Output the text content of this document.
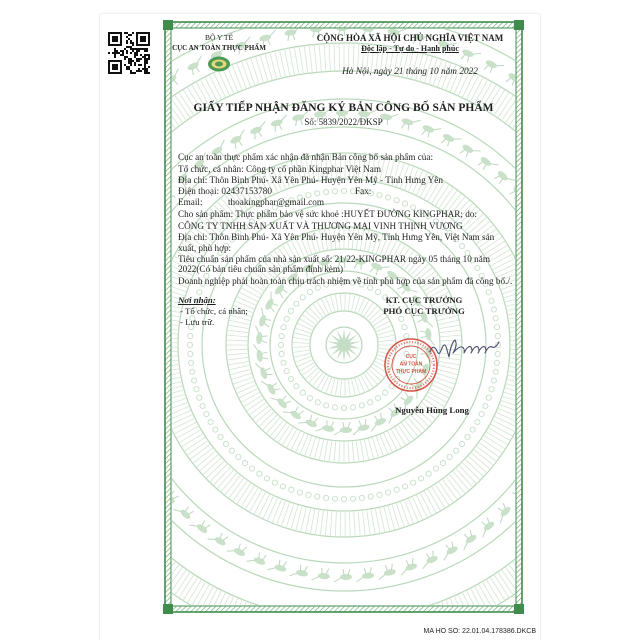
CỤC
AN TOÀN
THỰC PHẨM
BỘ Y TẾ
CỤC AN TOÀN THỰC PHẨM
CỘNG HÒA XÃ HỘI CHỦ NGHĨA VIỆT NAM
Độc lập - Tự do - Hạnh phúc
Hà Nội, ngày 21 tháng 10 năm 2022
GIẤY TIẾP NHẬN ĐĂNG KÝ BẢN CÔNG BỐ SẢN PHẨM
Số: 5839/2022/ĐKSP
Cục an toàn thực phẩm xác nhận đã nhận Bản công bố sản phẩm của:
Tổ chức, cá nhân: Công ty cổ phần Kingphar Việt Nam
Địa chỉ: Thôn Bình Phú- Xã Yên Phú- Huyện Yên Mỹ - Tỉnh Hưng Yên
Điện thoại: 02437153780	Fax:
Email:	thoakingphar@gmail.com
Cho sản phẩm: Thực phẩm bảo vệ sức khoẻ :HUYẾT ĐƯỜNG KINGPHAR; do:
CÔNG TY TNHH SẢN XUẤT VÀ THƯƠNG MẠI VINH THỊNH VƯỢNG
Địa chỉ: Thôn Bình Phú- Xã Yên Phú- Huyện Yên Mỹ, Tỉnh Hưng Yên, Việt Nam sản
xuất, phù hợp:
Tiêu chuẩn sản phẩm của nhà sản xuất số: 21/22-KINGPHAR ngày 05 tháng 10 năm
2022(Có bản tiêu chuẩn sản phẩm đính kèm)
Doanh nghiệp phải hoàn toàn chịu trách nhiệm về tính phù hợp của sản phẩm đã công bố./.
Nơi nhận:
- Tổ chức, cá nhân;
- Lưu trữ.
KT. CỤC TRƯỞNG
PHÓ CỤC TRƯỞNG
Nguyễn Hùng Long
MA HO SO: 22.01.04.178386.DKCB
